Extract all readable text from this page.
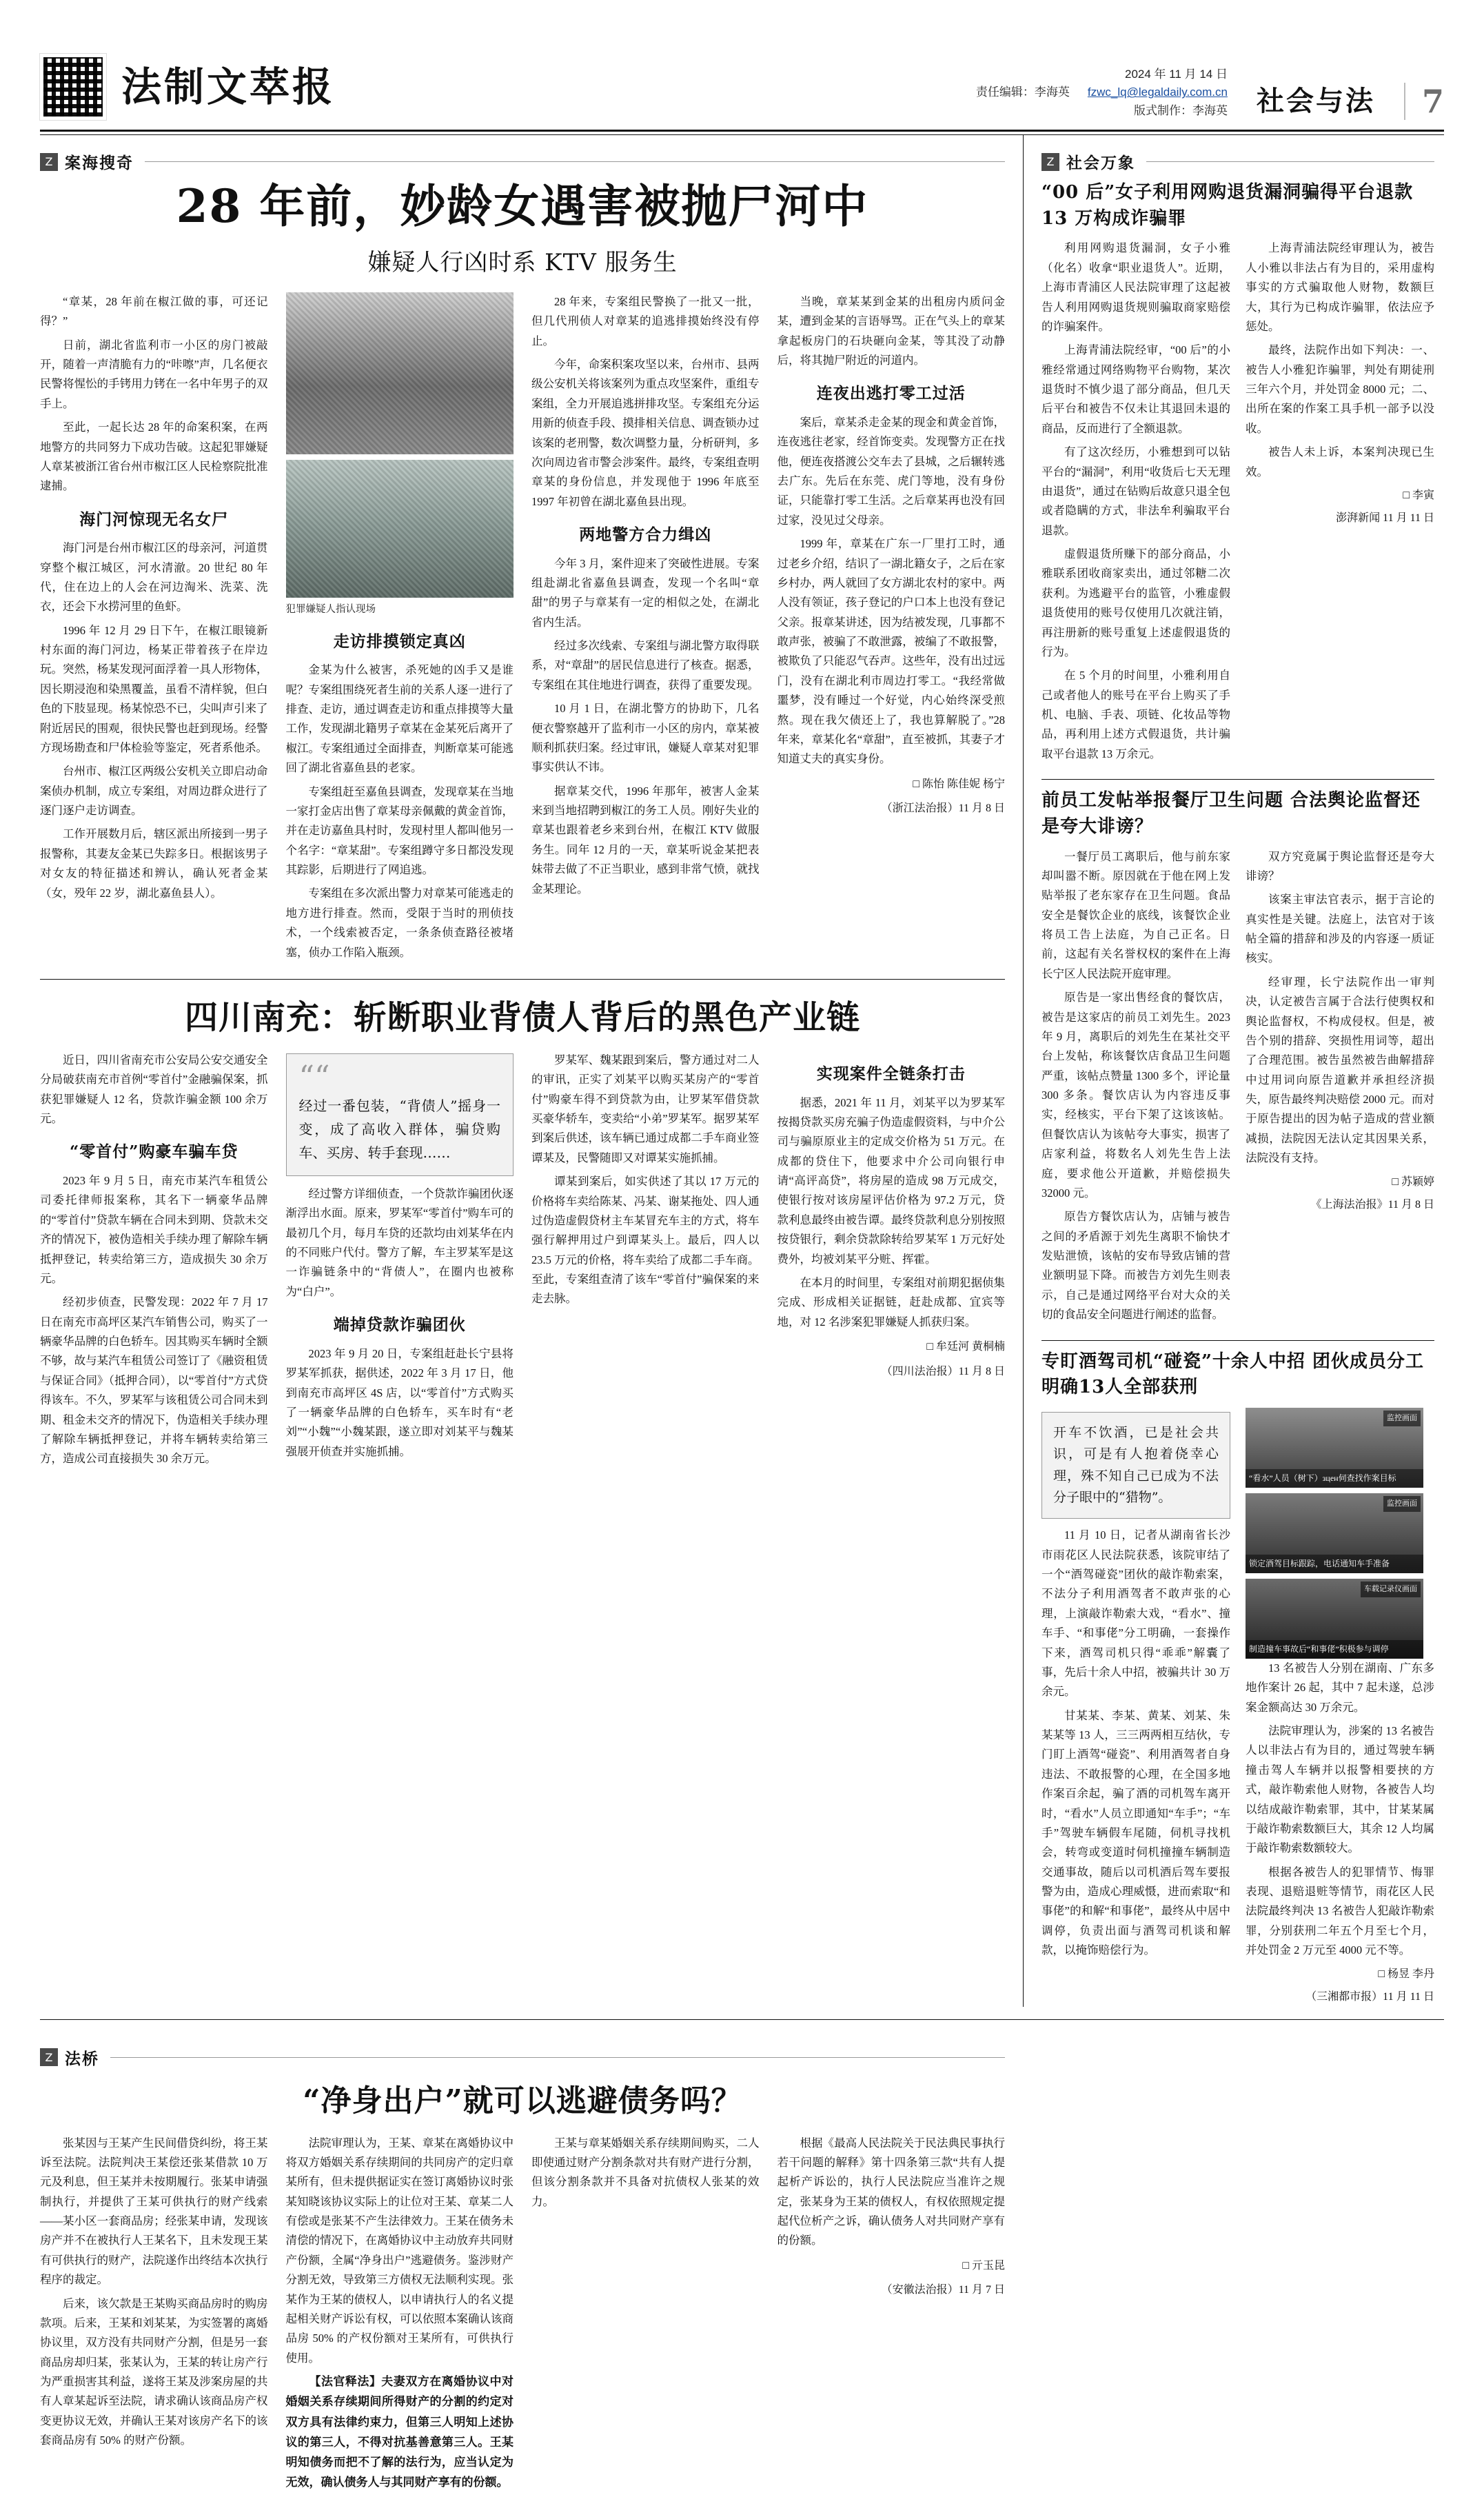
法制文萃报	2024 年 11 月 14 日
责任编辑：李海英 fzwc_lq@legaldaily.com.cn
版式制作：李海英	社会与法	7
Z 案海搜奇
28 年前，妙龄女遇害被抛尸河中
嫌疑人行凶时系 KTV 服务生

“章某，28 年前在椒江做的事，可还记得？”

日前，湖北省监利市一小区的房门被敲开，随着一声清脆有力的“咔嚓”声，几名便衣民警将惺忪的手铐用力铐在一名中年男子的双手上。

至此，一起长达 28 年的命案积案，在两地警方的共同努力下成功告破。这起犯罪嫌疑人章某被浙江省台州市椒江区人民检察院批准逮捕。

海门河惊现无名女尸

海门河是台州市椒江区的母亲河，河道贯穿整个椒江城区，河水清澈。20 世纪 80 年代，住在边上的人会在河边淘米、洗菜、洗衣，还会下水捞河里的鱼虾。

1996 年 12 月 29 日下午，在椒江眼镜新村东面的海门河边，杨某正带着孩子在岸边玩。突然，杨某发现河面浮着一具人形物体，因长期浸泡和染黑覆盖，虽看不清样貌，但白色的下肢显现。杨某惊恐不已，尖叫声引来了附近居民的围观，很快民警也赶到现场。经警方现场勘查和尸体检验等鉴定，死者系他杀。

台州市、椒江区两级公安机关立即启动命案侦办机制，成立专案组，对周边群众进行了逐门逐户走访调查。

工作开展数月后，辖区派出所接到一男子报警称，其妻友金某已失踪多日。根据该男子对女友的特征描述和辨认，确认死者金某（女，殁年 22 岁，湖北嘉鱼县人）。

犯罪嫌疑人指认现场
走访排摸锁定真凶

金某为什么被害，杀死她的凶手又是谁呢？专案组围绕死者生前的关系人逐一进行了排查、走访，通过调查走访和重点排摸等大量工作，发现湖北籍男子章某在金某死后离开了椒江。专案组通过全面排查，判断章某可能逃回了湖北省嘉鱼县的老家。

专案组赶至嘉鱼县调查，发现章某在当地一家打金店出售了章某母亲佩戴的黄金首饰，并在走访嘉鱼具村时，发现村里人都叫他另一个名字：“章某甜”。专案组蹲守多日都没发现其踪影，后期进行了网追逃。

专案组在多次派出警力对章某可能逃走的地方进行排查。然而，受限于当时的刑侦技术，一个线索被否定，一条条侦查路径被堵塞，侦办工作陷入瓶颈。

28 年来，专案组民警换了一批又一批，但几代刑侦人对章某的追逃排摸始终没有停止。

今年，命案积案攻坚以来，台州市、县两级公安机关将该案列为重点攻坚案件，重组专案组，全力开展追逃拼排攻坚。专案组充分运用新的侦查手段、摸排相关信息、调查锁办过该案的老刑警，数次调整力量，分析研判，多次向周边省市警会涉案件。最终，专案组查明章某的身份信息，并发现他于 1996 年底至 1997 年初曾在湖北嘉鱼县出现。

两地警方合力缉凶

今年 3 月，案件迎来了突破性进展。专案组赴湖北省嘉鱼县调查，发现一个名叫“章甜”的男子与章某有一定的相似之处，在湖北省内生活。

经过多次线索、专案组与湖北警方取得联系，对“章甜”的居民信息进行了核查。据悉，专案组在其住地进行调查，获得了重要发现。

10 月 1 日，在湖北警方的协助下，几名便衣警察越开了监利市一小区的房内，章某被顺利抓获归案。经过审讯，嫌疑人章某对犯罪事实供认不讳。

据章某交代，1996 年那年，被害人金某来到当地招聘到椒江的务工人员。刚好失业的章某也跟着老乡来到台州，在椒江 KTV 做服务生。同年 12 月的一天，章某听说金某把表妹带去做了不正当职业，感到非常气愤，就找金某理论。

当晚，章某某到金某的出租房内质问金某，遭到金某的言语辱骂。正在气头上的章某拿起板房门的石块砸向金某，等其没了动静后，将其抛尸附近的河道内。

连夜出逃打零工过活

案后，章某杀走金某的现金和黄金首饰，连夜逃往老家，经首饰变卖。发现警方正在找他，便连夜搭渡公交车去了县城，之后辗转逃去广东。先后在东莞、虎门等地，没有身份证，只能靠打零工生活。之后章某再也没有回过家，没见过父母亲。

1999 年，章某在广东一厂里打工时，通过老乡介绍，结识了一湖北籍女子，之后在家乡村办，两人就回了女方湖北农村的家中。两人没有领证，孩子登记的户口本上也没有登记父亲。报章某讲述，因为结被发现，几事都不敢声张，被骗了不敢泄露，被编了不敢报警，被欺负了只能忍气吞声。这些年，没有出过远门，没有在湖北利市周边打零工。“我经常做噩梦，没有睡过一个好觉，内心始终深受煎熬。现在我欠债还上了，我也算解脱了。”28 年来，章某化名“章甜”，直至被抓，其妻子才知道丈夫的真实身份。

□ 陈怡 陈佳妮 杨宁
（浙江法治报）11 月 8 日
四川南充：斩断职业背债人背后的黑色产业链

近日，四川省南充市公安局公安交通安全分局破获南充市首例“零首付”金融骗保案，抓获犯罪嫌疑人 12 名，贷款诈骗金额 100 余万元。

“零首付”购豪车骗车贷

2023 年 9 月 5 日，南充市某汽车租赁公司委托律师报案称，其名下一辆豪华品牌的“零首付”贷款车辆在合同未到期、贷款未交齐的情况下，被伪造相关手续办理了解除车辆抵押登记，转卖给第三方，造成损失 30 余万元。

经初步侦查，民警发现：2022 年 7 月 17 日在南充市高坪区某汽车销售公司，购买了一辆豪华品牌的白色轿车。因其购买车辆时全额不够，故与某汽车租赁公司签订了《融资租赁与保证合同》（抵押合同），以“零首付”方式贷得该车。不久，罗某军与该租赁公司合同未到期、租金未交齐的情况下，伪造相关手续办理了解除车辆抵押登记，并将车辆转卖给第三方，造成公司直接损失 30 余万元。

““
经过一番包装，“背债人”摇身一变，成了高收入群体，骗贷购车、买房、转手套现……

经过警方详细侦查，一个贷款诈骗团伙逐渐浮出水面。原来，罗某军“零首付”购车可的最初几个月，每月车贷的还款均由刘某华在内的不同账户代付。警方了解，车主罗某军是这一诈骗链条中的“背债人”，在圈内也被称为“白户”。

端掉贷款诈骗团伙

2023 年 9 月 20 日，专案组赶赴长宁县将罗某军抓获，据供述，2022 年 3 月 17 日，他到南充市高坪区 4S 店，以“零首付”方式购买了一辆豪华品牌的白色轿车，买车时有“老刘”“小魏”“小魏某跟，遂立即对刘某平与魏某强展开侦查并实施抓捕。

罗某军、魏某跟到案后，警方通过对二人的审讯，正实了刘某平以购买某房产的“零首付”购豪车得不到贷款为由，让罗某军借贷款买豪华轿车，变卖给“小弟”罗某军。据罗某军到案后供述，该车辆已通过成都二手车商业签谭某及，民警随即又对谭某实施抓捕。

谭某到案后，如实供述了其以 17 万元的价格将车卖给陈某、冯某、谢某拖处、四人通过伪造虚假贷材主车某冒充车主的方式，将车强行解押用过户到谭某头上。最后，四人以 23.5 万元的价格，将车卖给了成都二手车商。至此，专案组查清了该车“零首付”骗保案的来走去脉。

实现案件全链条打击

据悉，2021 年 11 月，刘某平以为罗某军按揭贷款买房充骗子伪造虚假资料，与中介公司与骗原原业主的定成交价格为 51 万元。在成都的贷住下，他要求中介公司向银行申请“高评高贷”，将房屋的造成 98 万元成交，使银行按对该房屋评估价格为 97.2 万元，贷款利息最终由被告谭。最终贷款利息分别按照按贷银行，剩余贷款除转给罗某军 1 万元好处费外，均被刘某平分赃、挥霍。

在本月的时间里，专案组对前期犯据侦集完成、形成相关证据链，赶赴成都、宜宾等地，对 12 名涉案犯罪嫌疑人抓获归案。

□ 牟廷河 黄桐楠
（四川法治报）11 月 8 日
Z 社会万象
“00 后”女子利用网购退货漏洞骗得平台退款 13 万构成诈骗罪

利用网购退货漏洞，女子小雅（化名）收拿“职业退货人”。近期，上海市青浦区人民法院审理了这起被告人利用网购退货规则骗取商家赔偿的诈骗案件。

上海青浦法院经审，“00 后”的小雅经常通过网络购物平台购物，某次退货时不慎少退了部分商品，但几天后平台和被告不仅未让其退回未退的商品，反而进行了全额退款。

有了这次经历，小雅想到可以钻平台的“漏洞”，利用“收货后七天无理由退货”，通过在钻购后故意只退全包或者隐瞒的方式，非法牟利骗取平台退款。

虚假退货所赚下的部分商品，小雅联系团收商家卖出，通过邻糖二次获利。为逃避平台的监管，小雅虚假退货使用的账号仅使用几次就注销，再注册新的账号重复上述虚假退货的行为。

在 5 个月的时间里，小雅利用自己或者他人的账号在平台上购买了手机、电脑、手表、项链、化妆品等物品，再利用上述方式假退货，共计骗取平台退款 13 万余元。

上海青浦法院经审理认为，被告人小雅以非法占有为目的，采用虚构事实的方式骗取他人财物，数额巨大，其行为已构成诈骗罪，依法应予惩处。

最终，法院作出如下判决：一、被告人小雅犯诈骗罪，判处有期徒刑三年六个月，并处罚金 8000 元；二、出所在案的作案工具手机一部予以没收。

被告人未上诉，本案判决现已生效。

□ 李寅
澎湃新闻 11 月 11 日
前员工发帖举报餐厅卫生问题 合法舆论监督还是夸大诽谤？

一餐厅员工离职后，他与前东家却叫嚣不断。原因就在于他在网上发贴举报了老东家存在卫生问题。食品安全是餐饮企业的底线，该餐饮企业将员工告上法庭，为自己正名。日前，这起有关名誉权权的案件在上海长宁区人民法院开庭审理。

原告是一家出售经食的餐饮店，被告是这家店的前员工刘先生。2023 年 9 月，离职后的刘先生在某社交平台上发帖，称该餐饮店食品卫生问题严重，该帖点赞量 1300 多个，评论量 300 多条。餐饮店认为内容违反事实，经核实，平台下架了这该该帖。但餐饮店认为该帖夸大事实，损害了店家利益，将数名人刘先生告上法庭，要求他公开道歉，并赔偿损失 32000 元。

原告方餐饮店认为，店铺与被告之间的矛盾源于刘先生离职不愉快才发贴泄愤，该帖的安布导致店铺的营业额明显下降。而被告方刘先生则表示，自己是通过网络平台对大众的关切的食品安全问题进行阐述的监督。

双方究竟属于舆论监督还是夸大诽谤？

该案主审法官表示，据于言论的真实性是关键。法庭上，法官对于该帖全篇的措辞和涉及的内容逐一质证核实。

经审理，长宁法院作出一审判决，认定被告言属于合法行使舆权和舆论监督权，不构成侵权。但是，被告个别的措辞、突损性用词等，超出了合理范围。被告虽然被告曲解措辞中过用词向原告道歉并承担经济损失，原告最终判决赔偿 2000 元。而对于原告提出的因为帖子造成的营业额减损，法院因无法认定其因果关系，法院没有支持。

□ 苏颖婷
《上海法治报》11 月 8 日
专盯酒驾司机“碰瓷”十余人中招 团伙成员分工明确13人全部获刑
开车不饮酒，已是社会共识，可是有人抱着侥幸心理，殊不知自己已成为不法分子眼中的“猎物”。

11 月 10 日，记者从湖南省长沙市雨花区人民法院获悉，该院审结了一个“酒驾碰瓷”团伙的敲诈勒索案，不法分子利用酒驾者不敢声张的心理，上演敲诈勒索大戏，“看水”、撞车手、“和事佬”分工明确，一套操作下来，酒驾司机只得“乖乖”解囊了事，先后十余人中招，被骗共计 30 万余元。

甘某某、李某、黄某、刘某、朱某某等 13 人，三三两两相互结伙，专门盯上酒驾“碰瓷”、利用酒驾者自身违法、不敢报警的心理，在全国多地作案百余起，骗了酒的司机驾车离开时，“看水”人员立即通知“车手”；“车手”驾驶车辆假车尾随，伺机寻找机会，转弯或变道时伺机撞撞车辆制造交通事故，随后以司机酒后驾车要报警为由，造成心理威慑，进而索取“和事佬”的和解“和事佬”，最终从中居中调停，负责出面与酒驾司机谈和解款，以掩饰赔偿行为。

监控画面
“看水”人员（树下）зцен伺查找作案目标
监控画面
锁定酒驾目标跟踪，电话通知车手准备
车载记录仪画面
制造撞车事故后“和事佬”积极参与调停

13 名被告人分别在湖南、广东多地作案计 26 起，其中 7 起未遂，总涉案金额高达 30 万余元。

法院审理认为，涉案的 13 名被告人以非法占有为目的，通过驾驶车辆撞击驾人车辆并以报警相要挟的方式，敲诈勒索他人财物，各被告人均以结成敲诈勒索罪，其中，甘某某属于敲诈勒索数额巨大，其余 12 人均属于敲诈勒索数额较大。

根据各被告人的犯罪情节、悔罪表现、退赔退赃等情节，雨花区人民法院最终判决 13 名被告人犯敲诈勒索罪，分别获刑二年五个月至七个月，并处罚金 2 万元至 4000 元不等。

□ 杨昱 李丹
（三湘都市报）11 月 11 日
Z 法桥
“净身出户”就可以逃避债务吗？

张某因与王某产生民间借贷纠纷，将王某诉至法院。法院判决王某偿还张某借款 10 万元及利息，但王某并未按期履行。张某申请强制执行，并提供了王某可供执行的财产线索——某小区一套商品房；经张某申请，发现该房产并不在被执行人王某名下，且未发现王某有可供执行的财产，法院遂作出终结本次执行程序的裁定。

后来，该欠款是王某购买商品房时的购房款项。后来，王某和刘某某，为实签署的离婚协议里，双方没有共同财产分割，但是另一套商品房却归某，张某认为，王某的转让房产行为严重损害其利益，遂将王某及涉案房屋的共有人章某起诉至法院，请求确认该商品房产权变更协议无效，并确认王某对该房产名下的该套商品房有 50% 的财产份额。

法院审理认为，王某、章某在离婚协议中将双方婚姻关系存续期间的共同房产的定归章某所有，但未提供据证实在签订离婚协议时张某知晓该协议实际上的让位对王某、章某二人有偿或是张某不产生法律效力。王某在债务未清偿的情况下，在离婚协议中主动放弃共同财产份额，全属“净身出户”逃避债务。鉴涉财产分割无效，导致第三方债权无法顺利实现。张某作为王某的债权人，以申请执行人的名义提起相关财产诉讼有权，可以依照本案确认该商品房 50% 的产权份额对王某所有，可供执行使用。

【法官释法】夫妻双方在离婚协议中对婚姻关系存续期间所得财产的分割的约定对双方具有法律约束力，但第三人明知上述协议的第三人，不得对抗基善意第三人。王某明知债务而把不了解的法行为，应当认定为无效，确认债务人与其同财产享有的份额。

王某与章某婚姻关系存续期间购买，二人即使通过财产分割条款对共有财产进行分割，但该分割条款并不具备对抗债权人张某的效力。

根据《最高人民法院关于民法典民事执行若干问题的解释》第十四条第三款“共有人提起析产诉讼的，执行人民法院应当准许之规定，张某身为王某的债权人，有权依照规定提起代位析产之诉，确认债务人对共同财产享有的份额。

□ 亓玉昆
（安徽法治报）11 月 7 日
